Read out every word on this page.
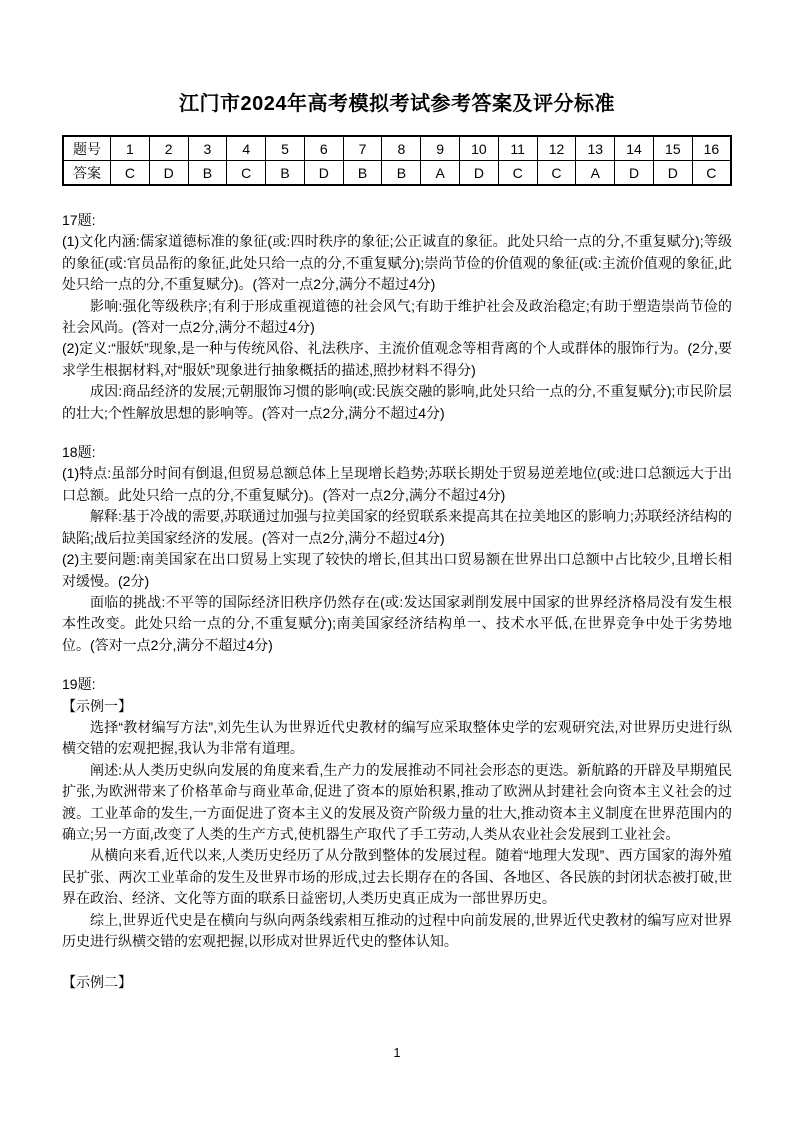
江门市2024年高考模拟考试参考答案及评分标准
题号	1	2	3	4	5	6	7	8	9	10	11	12	13	14	15	16
答案	C	D	B	C	B	D	B	B	A	D	C	C	A	D	D	C

17题:

(1)文化内涵:儒家道德标准的象征(或:四时秩序的象征;公正诚直的象征。此处只给一点的分,不重复赋分);等级的象征(或:官员品衔的象征,此处只给一点的分,不重复赋分);崇尚节俭的价值观的象征(或:主流价值观的象征,此处只给一点的分,不重复赋分)。(答对一点2分,满分不超过4分)

影响:强化等级秩序;有利于形成重视道德的社会风气;有助于维护社会及政治稳定;有助于塑造崇尚节俭的社会风尚。(答对一点2分,满分不超过4分)

(2)定义:“服妖”现象,是一种与传统风俗、礼法秩序、主流价值观念等相背离的个人或群体的服饰行为。(2分,要求学生根据材料,对“服妖”现象进行抽象概括的描述,照抄材料不得分)

成因:商品经济的发展;元朝服饰习惯的影响(或:民族交融的影响,此处只给一点的分,不重复赋分);市民阶层的壮大;个性解放思想的影响等。(答对一点2分,满分不超过4分)

18题:

(1)特点:虽部分时间有倒退,但贸易总额总体上呈现增长趋势;苏联长期处于贸易逆差地位(或:进口总额远大于出口总额。此处只给一点的分,不重复赋分)。(答对一点2分,满分不超过4分)

解释:基于冷战的需要,苏联通过加强与拉美国家的经贸联系来提高其在拉美地区的影响力;苏联经济结构的缺陷;战后拉美国家经济的发展。(答对一点2分,满分不超过4分)

(2)主要问题:南美国家在出口贸易上实现了较快的增长,但其出口贸易额在世界出口总额中占比较少,且增长相对缓慢。(2分)

面临的挑战:不平等的国际经济旧秩序仍然存在(或:发达国家剥削发展中国家的世界经济格局没有发生根本性改变。此处只给一点的分,不重复赋分);南美国家经济结构单一、技术水平低,在世界竞争中处于劣势地位。(答对一点2分,满分不超过4分)

19题:

【示例一】

选择“教材编写方法”,刘先生认为世界近代史教材的编写应采取整体史学的宏观研究法,对世界历史进行纵横交错的宏观把握,我认为非常有道理。

阐述:从人类历史纵向发展的角度来看,生产力的发展推动不同社会形态的更迭。新航路的开辟及早期殖民扩张,为欧洲带来了价格革命与商业革命,促进了资本的原始积累,推动了欧洲从封建社会向资本主义社会的过渡。工业革命的发生,一方面促进了资本主义的发展及资产阶级力量的壮大,推动资本主义制度在世界范围内的确立;另一方面,改变了人类的生产方式,使机器生产取代了手工劳动,人类从农业社会发展到工业社会。

从横向来看,近代以来,人类历史经历了从分散到整体的发展过程。随着“地理大发现”、西方国家的海外殖民扩张、两次工业革命的发生及世界市场的形成,过去长期存在的各国、各地区、各民族的封闭状态被打破,世界在政治、经济、文化等方面的联系日益密切,人类历史真正成为一部世界历史。

综上,世界近代史是在横向与纵向两条线索相互推动的过程中向前发展的,世界近代史教材的编写应对世界历史进行纵横交错的宏观把握,以形成对世界近代史的整体认知。

【示例二】

1
